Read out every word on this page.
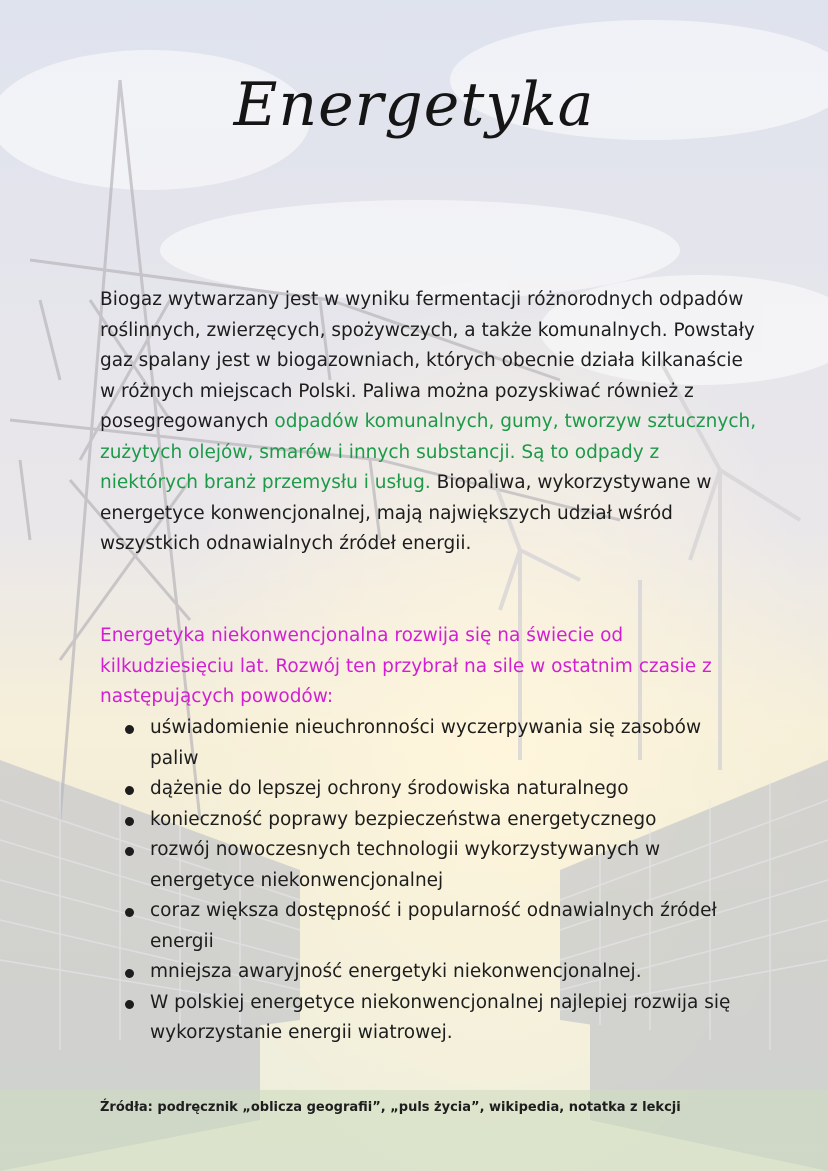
Energetyka

Biogaz wytwarzany jest w wyniku fermentacji różnorodnych odpadów roślinnych, zwierzęcych, spożywczych, a także komunalnych. Powstały gaz spalany jest w biogazowniach, których obecnie działa kilkanaście w różnych miejscach Polski. Paliwa można pozyskiwać również z posegregowanych odpadów komunalnych, gumy, tworzyw sztucznych, zużytych olejów, smarów i innych substancji. Są to odpady z niektórych branż przemysłu i usług. Biopaliwa, wykorzystywane w energetyce konwencjonalnej, mają największych udział wśród wszystkich odnawialnych źródeł energii.

Energetyka niekonwencjonalna rozwija się na świecie od kilkudziesięciu lat. Rozwój ten przybrał na sile w ostatnim czasie z następujących powodów:

uświadomienie nieuchronności wyczerpywania się zasobów paliw
dążenie do lepszej ochrony środowiska naturalnego
konieczność poprawy bezpieczeństwa energetycznego
rozwój nowoczesnych technologii wykorzystywanych w energetyce niekonwencjonalnej
coraz większa dostępność i popularność odnawialnych źródeł energii
mniejsza awaryjność energetyki niekonwencjonalnej.
W polskiej energetyce niekonwencjonalnej najlepiej rozwija się wykorzystanie energii wiatrowej.

Źródła: podręcznik „oblicza geografii”, „puls życia”, wikipedia, notatka z lekcji
